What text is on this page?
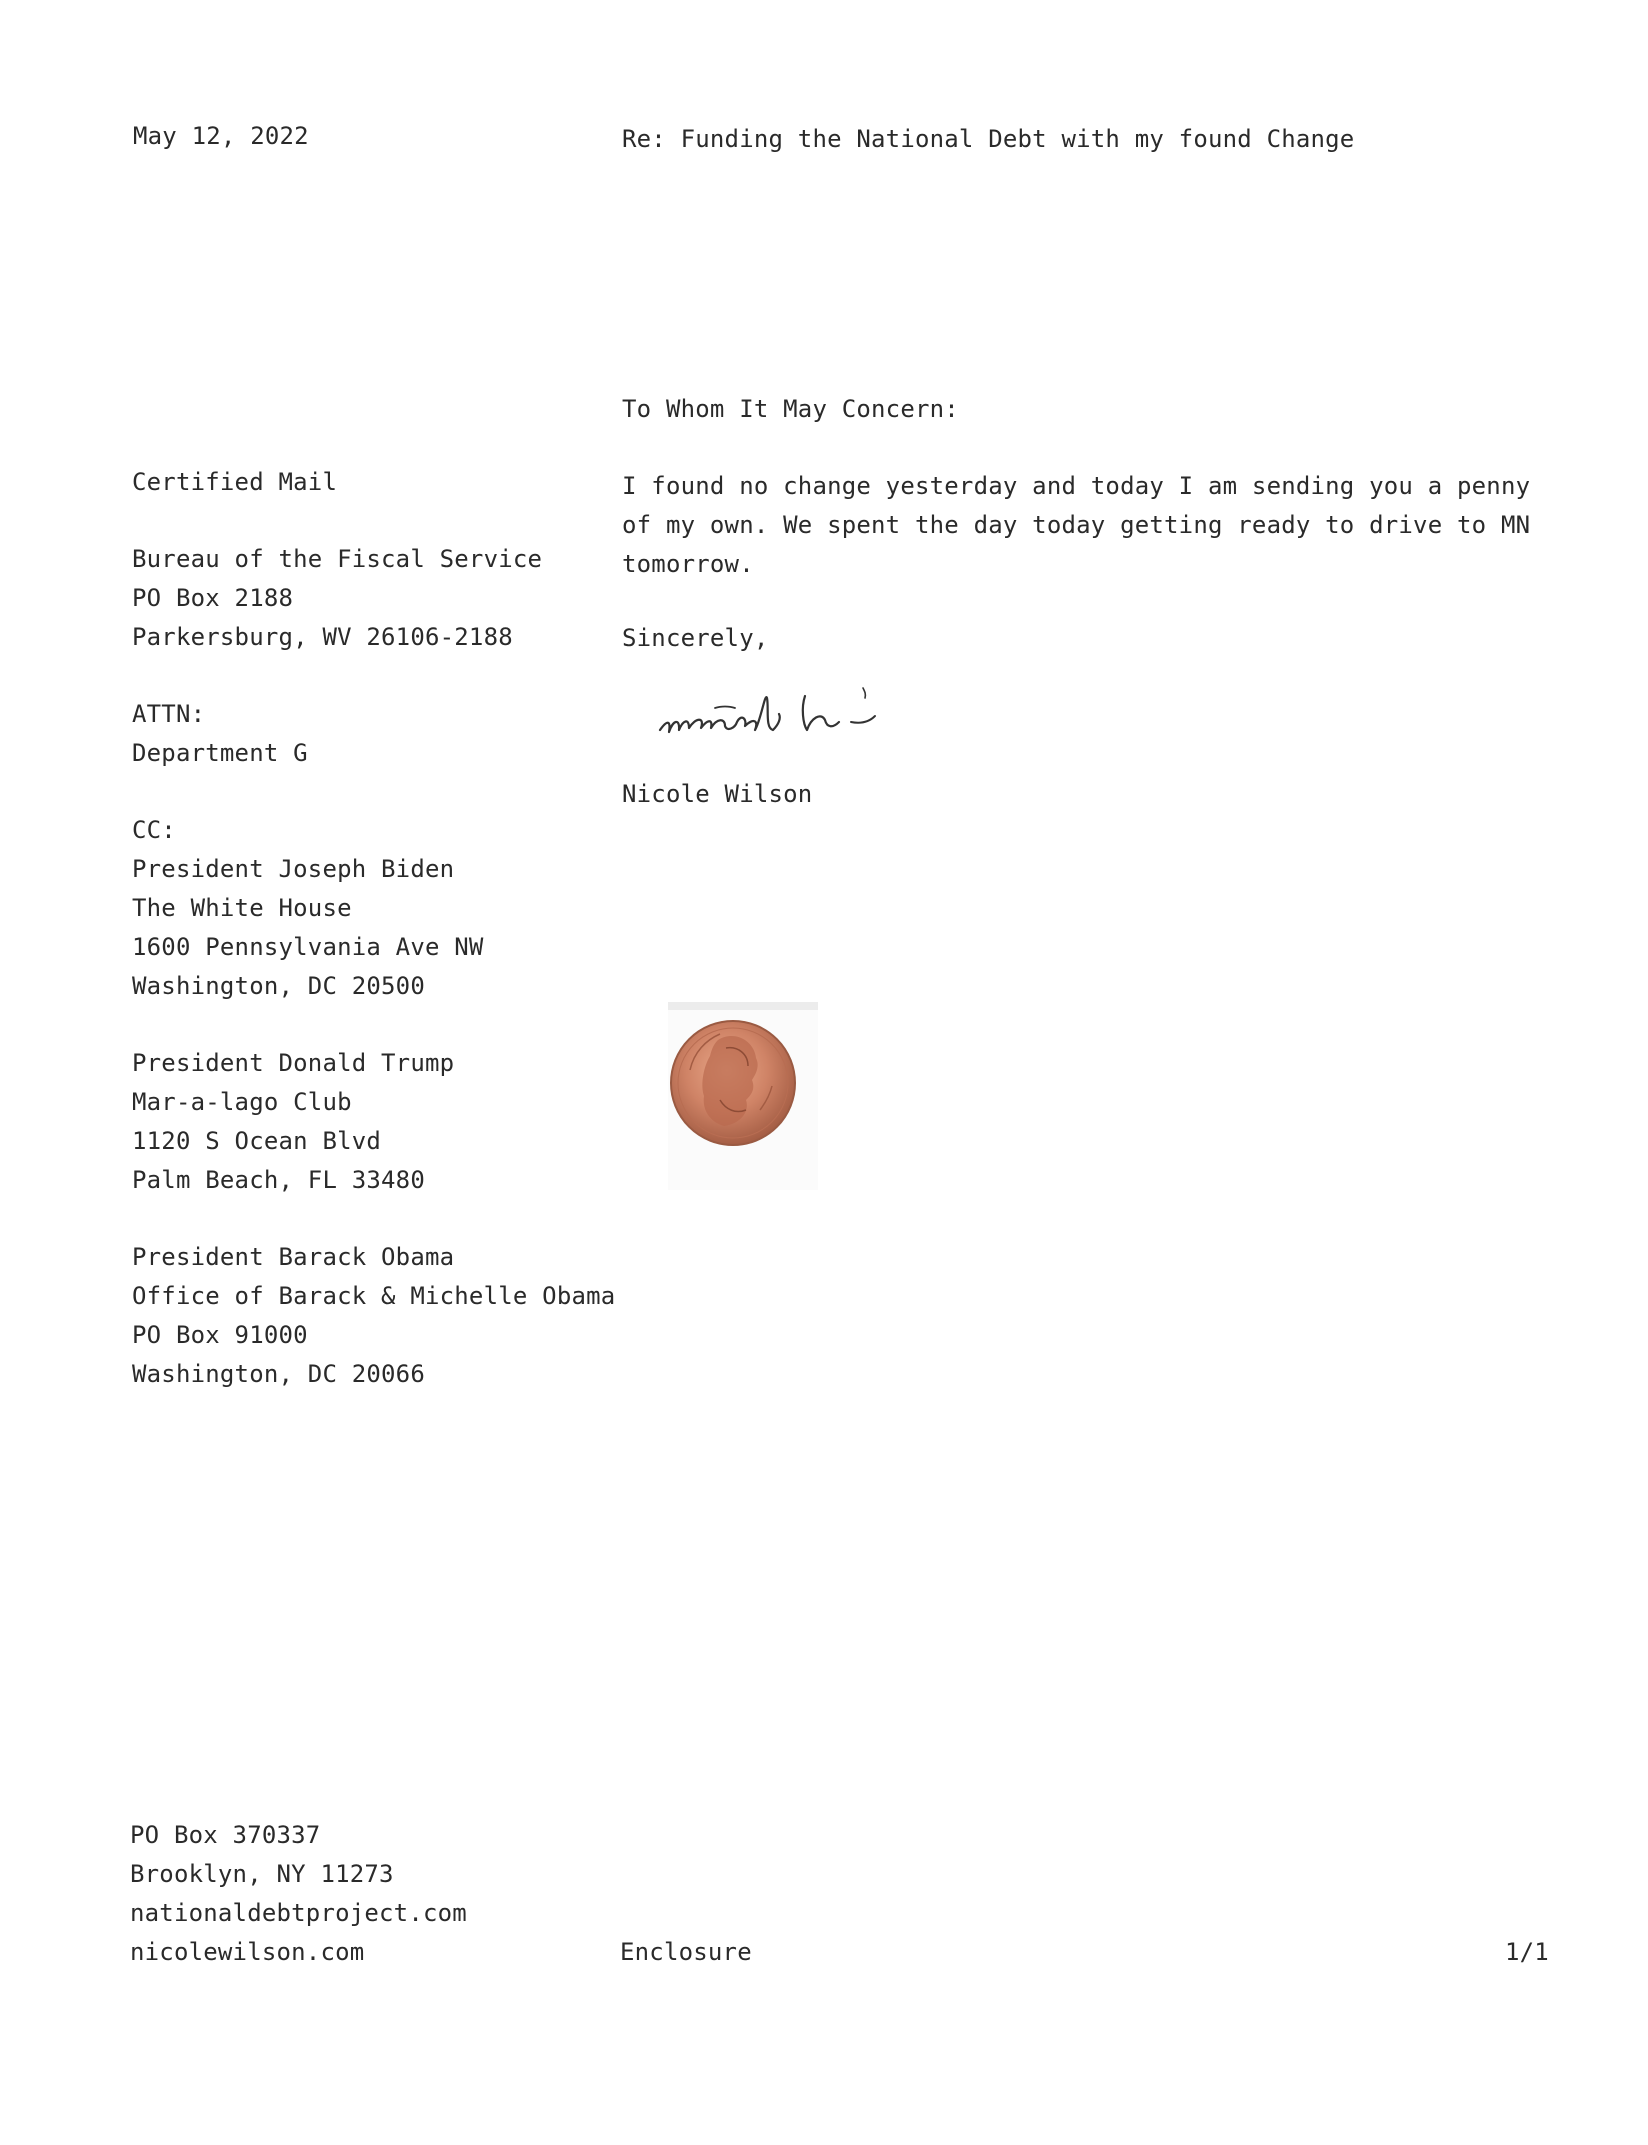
May 12, 2022	Re: Funding the National Debt with my found Change
To Whom It May Concern:
Certified Mail
Bureau of the Fiscal Service
PO Box 2188
Parkersburg, WV 26106-2188
ATTN:
Department G
CC:
President Joseph Biden
The White House
1600 Pennsylvania Ave NW
Washington, DC 20500
President Donald Trump
Mar-a-lago Club
1120 S Ocean Blvd
Palm Beach, FL 33480
President Barack Obama
Office of Barack & Michelle Obama
PO Box 91000
Washington, DC 20066
I found no change yesterday and today I am sending you a penny
of my own. We spent the day today getting ready to drive to MN
tomorrow.
Sincerely,
Nicole Wilson
PO Box 370337
Brooklyn, NY 11273
nationaldebtproject.com
nicolewilson.com	Enclosure	1/1
